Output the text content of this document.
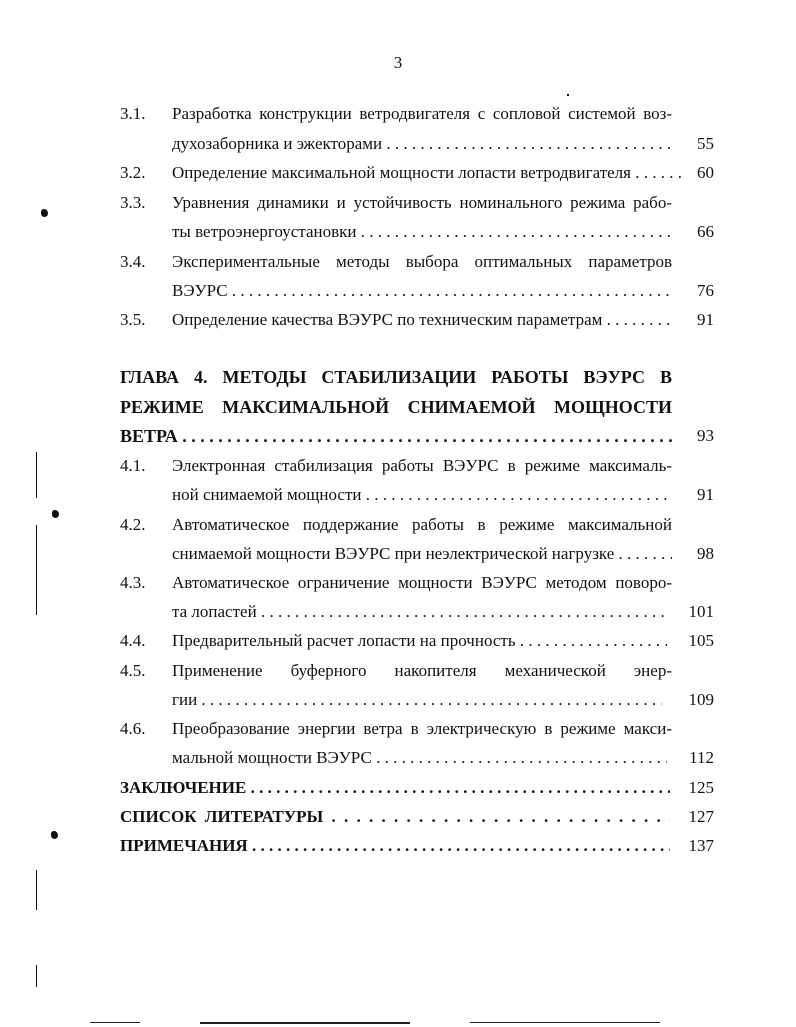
3
3.1. Разработка конструкции ветродвигателя с сопловой системой воз-
духозаборника и эжекторами . . .	55
3.2. Определение максимальной мощности лопасти ветродвигателя . . .	60
3.3. Уравнения динамики и устойчивость номинального режима рабо-
ты ветроэнергоустановки . . .	66
3.4. Экспериментальные методы выбора оптимальных параметров
ВЭУРС . . .	76
3.5. Определение качества ВЭУРС по техническим параметрам . . .	91
ГЛАВА 4. МЕТОДЫ СТАБИЛИЗАЦИИ РАБОТЫ ВЭУРС В
РЕЖИМЕ МАКСИМАЛЬНОЙ СНИМАЕМОЙ МОЩНОСТИ
ВЕТРА . . .	93
4.1. Электронная стабилизация работы ВЭУРС в режиме максималь-
ной снимаемой мощности . . .	91
4.2. Автоматическое поддержание работы в режиме максимальной
снимаемой мощности ВЭУРС при неэлектрической нагрузке . . .	98
4.3. Автоматическое ограничение мощности ВЭУРС методом поворо-
та лопастей . . .	101
4.4. Предварительный расчет лопасти на прочность . . .	105
4.5. Применение буферного накопителя механической энер-
гии . . .	109
4.6. Преобразование энергии ветра в электрическую в режиме макси-
мальной мощности ВЭУРС . . .	112
ЗАКЛЮЧЕНИЕ . . .	125
СПИСОК ЛИТЕРАТУРЫ . . .	127
ПРИМЕЧАНИЯ . . .	137
